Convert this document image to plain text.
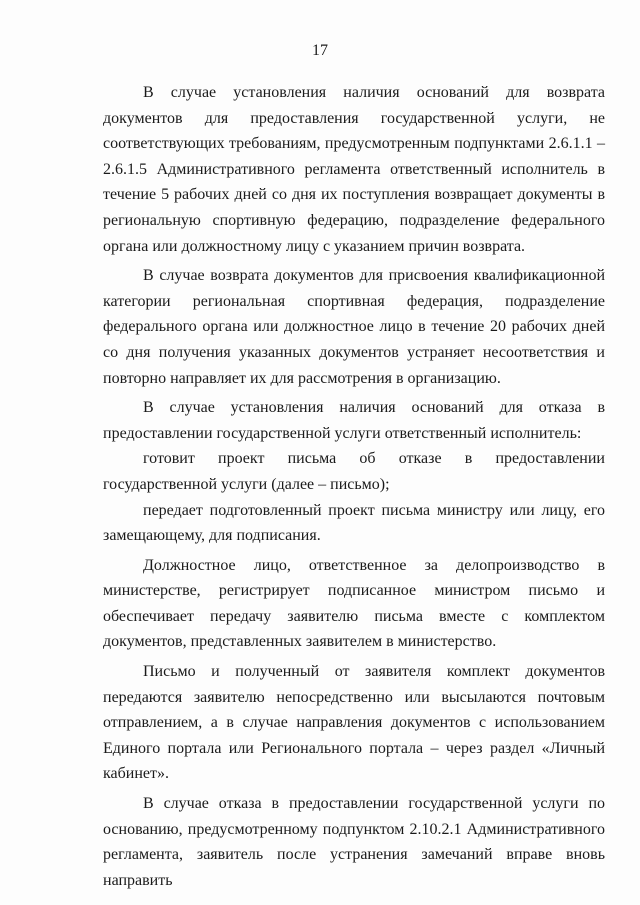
17

В случае установления наличия оснований для возврата документов для предоставления государственной услуги, не соответствующих требованиям, предусмотренным подпунктами 2.6.1.1 – 2.6.1.5 Административного регламента ответственный исполнитель в течение 5 рабочих дней со дня их поступления возвращает документы в региональную спортивную федерацию, подразделение федерального органа или должностному лицу с указанием причин возврата.

В случае возврата документов для присвоения квалификационной категории региональная спортивная федерация, подразделение федерального органа или должностное лицо в течение 20 рабочих дней со дня получения указанных документов устраняет несоответствия и повторно направляет их для рассмотрения в организацию.

В случае установления наличия оснований для отказа в предоставлении государственной услуги ответственный исполнитель:

готовит проект письма об отказе в предоставлении государственной услуги (далее – письмо);

передает подготовленный проект письма министру или лицу, его замещающему, для подписания.

Должностное лицо, ответственное за делопроизводство в министерстве, регистрирует подписанное министром письмо и обеспечивает передачу заявителю письма вместе с комплектом документов, представленных заявителем в министерство.

Письмо и полученный от заявителя комплект документов передаются заявителю непосредственно или высылаются почтовым отправлением, а в случае направления документов с использованием Единого портала или Регионального портала – через раздел «Личный кабинет».

В случае отказа в предоставлении государственной услуги по основанию, предусмотренному подпунктом 2.10.2.1 Административного регламента, заявитель после устранения замечаний вправе вновь направить
